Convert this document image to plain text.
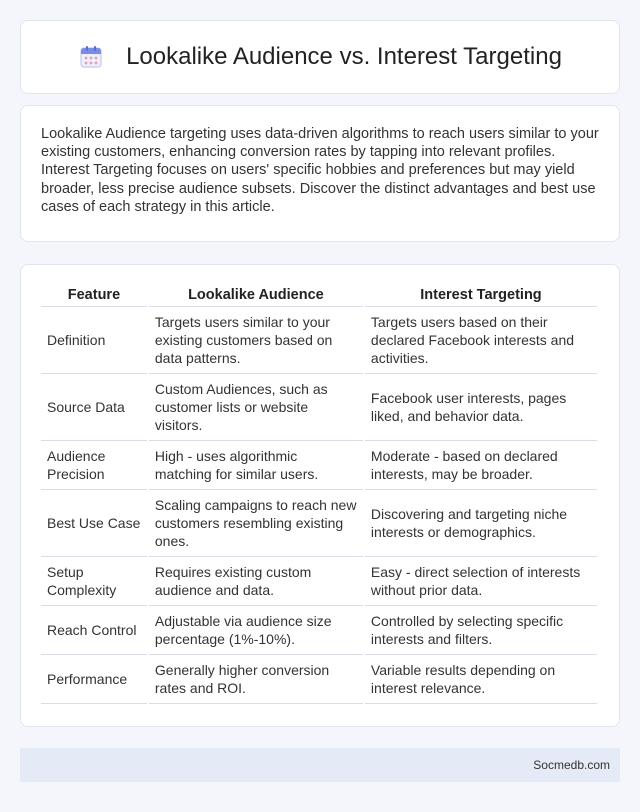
Lookalike Audience vs. Interest Targeting

Lookalike Audience targeting uses data-driven algorithms to reach users similar to your existing customers, enhancing conversion rates by tapping into relevant profiles. Interest Targeting focuses on users' specific hobbies and preferences but may yield broader, less precise audience subsets. Discover the distinct advantages and best use cases of each strategy in this article.

Feature	Lookalike Audience	Interest Targeting
Definition	Targets users similar to your existing customers based on data patterns.	Targets users based on their declared Facebook interests and activities.
Source Data	Custom Audiences, such as customer lists or website visitors.	Facebook user interests, pages liked, and behavior data.
Audience Precision	High - uses algorithmic matching for similar users.	Moderate - based on declared interests, may be broader.
Best Use Case	Scaling campaigns to reach new customers resembling existing ones.	Discovering and targeting niche interests or demographics.
Setup Complexity	Requires existing custom audience and data.	Easy - direct selection of interests without prior data.
Reach Control	Adjustable via audience size percentage (1%-10%).	Controlled by selecting specific interests and filters.
Performance	Generally higher conversion rates and ROI.	Variable results depending on interest relevance.
Socmedb.com
